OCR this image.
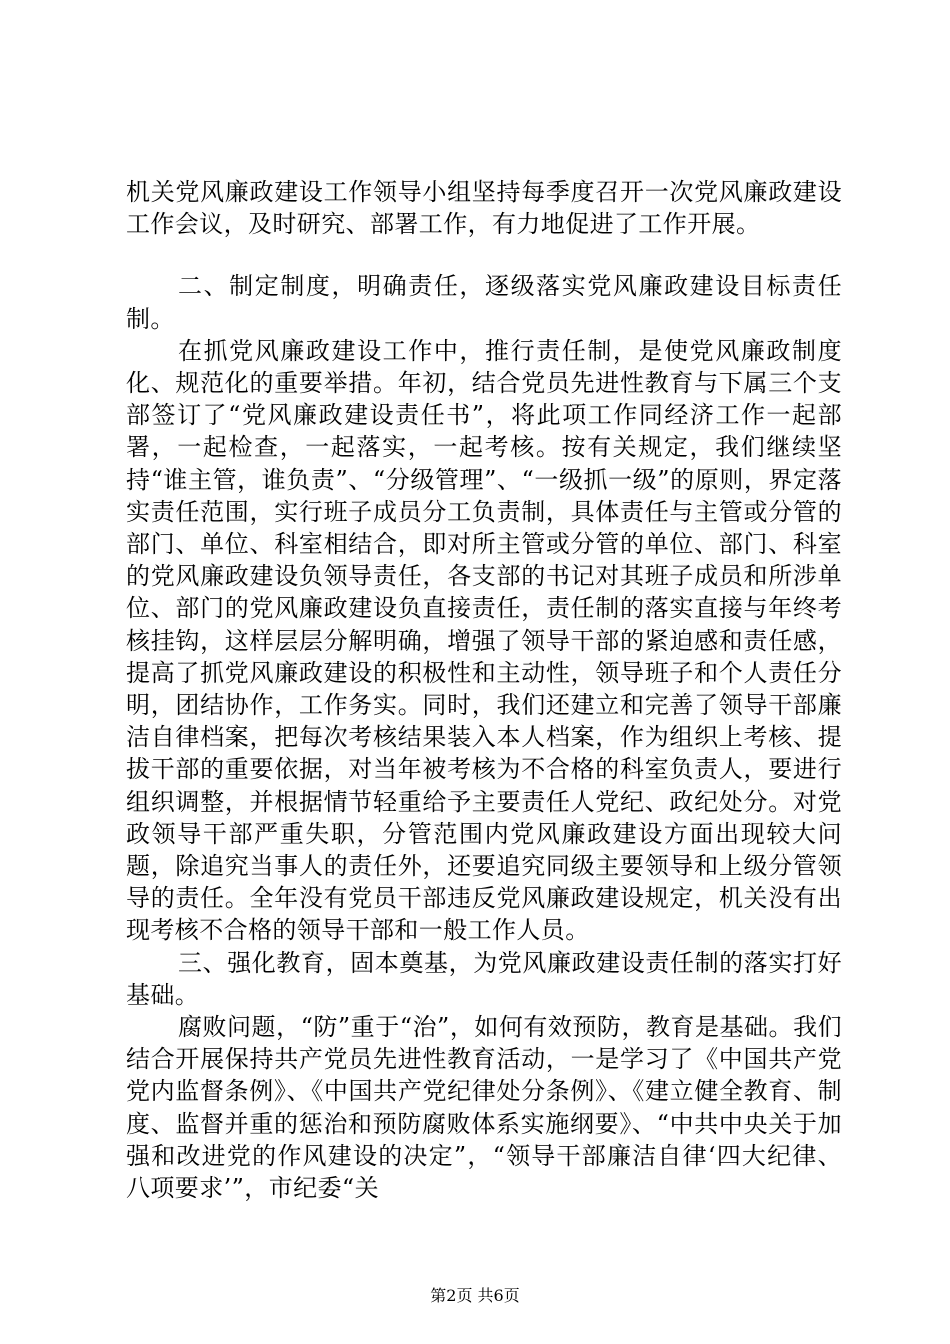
机关党风廉政建设工作领导小组坚持每季度召开一次党风廉政建设工作会议，及时研究、部署工作，有力地促进了工作开展。

二、制定制度，明确责任，逐级落实党风廉政建设目标责任制。

在抓党风廉政建设工作中，推行责任制，是使党风廉政制度化、规范化的重要举措。年初，结合党员先进性教育与下属三个支部签订了“党风廉政建设责任书”，将此项工作同经济工作一起部署，一起检查，一起落实，一起考核。按有关规定，我们继续坚持“谁主管，谁负责”、“分级管理”、“一级抓一级”的原则，界定落实责任范围，实行班子成员分工负责制，具体责任与主管或分管的部门、单位、科室相结合，即对所主管或分管的单位、部门、科室的党风廉政建设负领导责任，各支部的书记对其班子成员和所涉单位、部门的党风廉政建设负直接责任，责任制的落实直接与年终考核挂钩，这样层层分解明确，增强了领导干部的紧迫感和责任感，提高了抓党风廉政建设的积极性和主动性，领导班子和个人责任分明，团结协作，工作务实。同时，我们还建立和完善了领导干部廉洁自律档案，把每次考核结果装入本人档案，作为组织上考核、提拔干部的重要依据，对当年被考核为不合格的科室负责人，要进行组织调整，并根据情节轻重给予主要责任人党纪、政纪处分。对党政领导干部严重失职，分管范围内党风廉政建设方面出现较大问题，除追究当事人的责任外，还要追究同级主要领导和上级分管领导的责任。全年没有党员干部违反党风廉政建设规定，机关没有出现考核不合格的领导干部和一般工作人员。

三、强化教育，固本奠基，为党风廉政建设责任制的落实打好基础。

腐败问题，“防”重于“治”，如何有效预防，教育是基础。我们结合开展保持共产党员先进性教育活动，一是学习了《中国共产党党内监督条例》、《中国共产党纪律处分条例》、《建立健全教育、制度、监督并重的惩治和预防腐败体系实施纲要》、“中共中央关于加强和改进党的作风建设的决定”，“领导干部廉洁自律‘四大纪律、八项要求’”，市纪委“关

第2页 共6页
